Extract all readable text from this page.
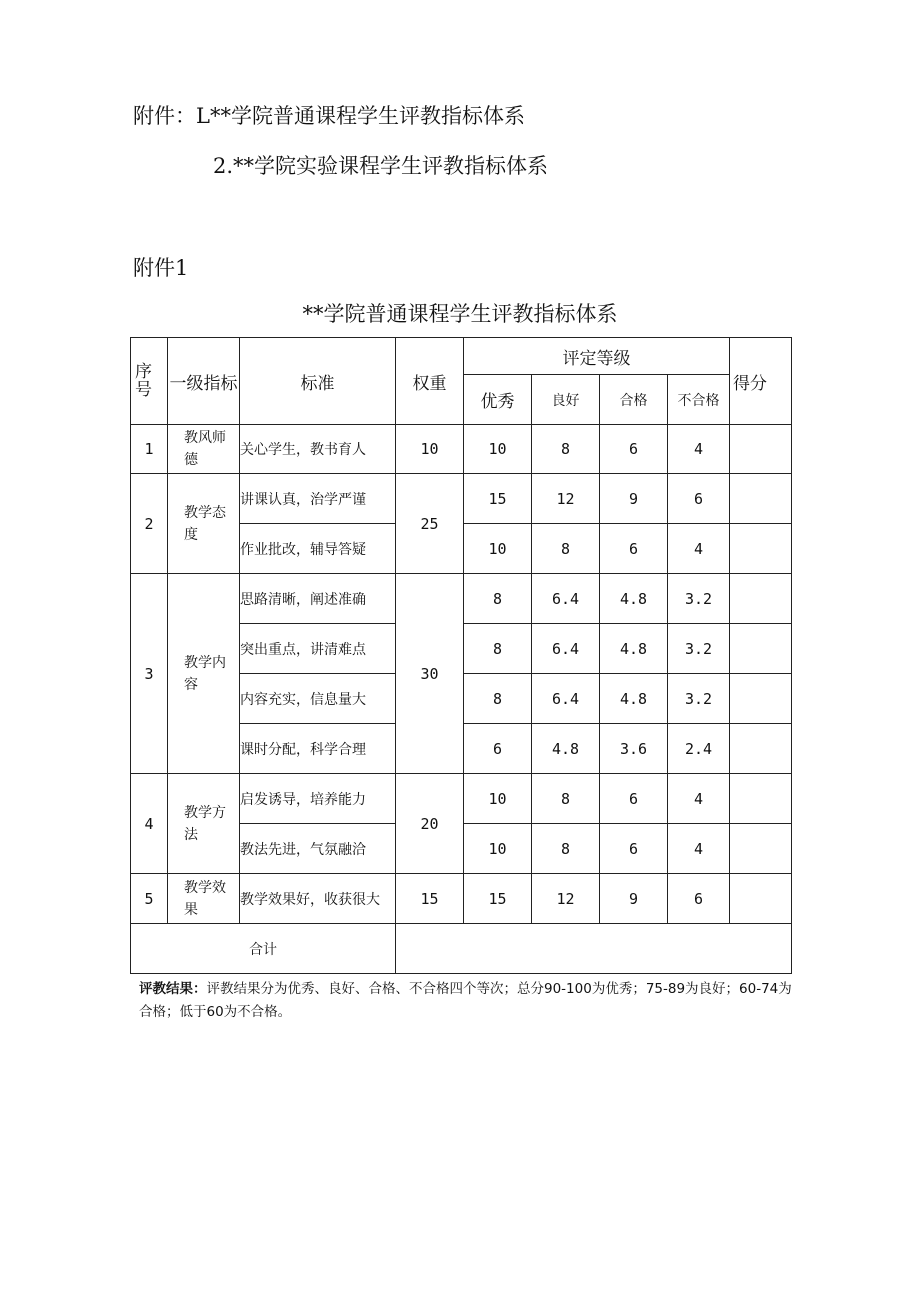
附件：L**学院普通课程学生评教指标体系
2.**学院实验课程学生评教指标体系
附件1
**学院普通课程学生评教指标体系
序号	一级指标	标准	权重	评定等级				得分
				优秀	良好	合格	不合格	
1	教风师德	关心学生，教书育人	10	10	8	6	4	
2	教学态度	讲课认真，治学严谨	25	15	12	9	6	
		作业批改，辅导答疑		10	8	6	4	
3	教学内容	思路清晰，阐述准确	30	8	6.4	4.8	3.2	
		突出重点，讲清难点		8	6.4	4.8	3.2	
		内容充实，信息量大		8	6.4	4.8	3.2	
		课时分配，科学合理		6	4.8	3.6	2.4	
4	教学方法	启发诱导，培养能力	20	10	8	6	4	
		教法先进，气氛融洽		10	8	6	4	
5	教学效果	教学效果好，收获很大	15	15	12	9	6	
合计								
评教结果：评教结果分为优秀、良好、合格、不合格四个等次；总分90-100为优秀；75-89为良好；60-74为合格；低于60为不合格。
